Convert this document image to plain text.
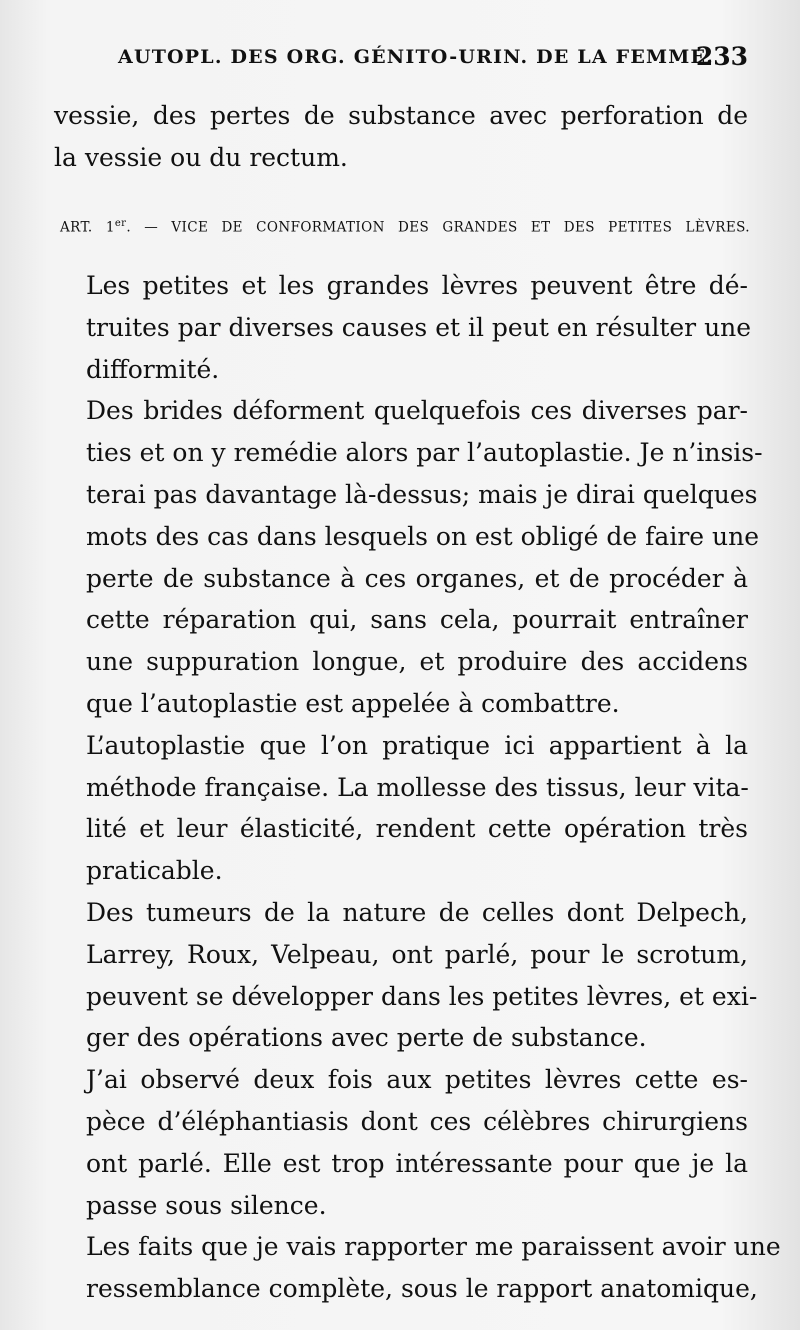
AUTOPL. DES ORG. GÉNITO-URIN. DE LA FEMME.
233
vessie, des pertes de substance avec perforation de
la vessie ou du rectum.
ART. 1er. — VICE DE CONFORMATION DES GRANDES ET DES PETITES LÈVRES.

Les petites et les grandes lèvres peuvent être dé-
truites par diverses causes et il peut en résulter une
difformité.

Des brides déforment quelquefois ces diverses par-
ties et on y remédie alors par l’autoplastie. Je n’insis-
terai pas davantage là-dessus; mais je dirai quelques
mots des cas dans lesquels on est obligé de faire une
perte de substance à ces organes, et de procéder à
cette réparation qui, sans cela, pourrait entraîner
une suppuration longue, et produire des accidens
que l’autoplastie est appelée à combattre.

L’autoplastie que l’on pratique ici appartient à la
méthode française. La mollesse des tissus, leur vita-
lité et leur élasticité, rendent cette opération très
praticable.

Des tumeurs de la nature de celles dont Delpech,
Larrey, Roux, Velpeau, ont parlé, pour le scrotum,
peuvent se développer dans les petites lèvres, et exi-
ger des opérations avec perte de substance.

J’ai observé deux fois aux petites lèvres cette es-
pèce d’éléphantiasis dont ces célèbres chirurgiens
ont parlé. Elle est trop intéressante pour que je la
passe sous silence.

Les faits que je vais rapporter me paraissent avoir une
ressemblance complète, sous le rapport anatomique,
